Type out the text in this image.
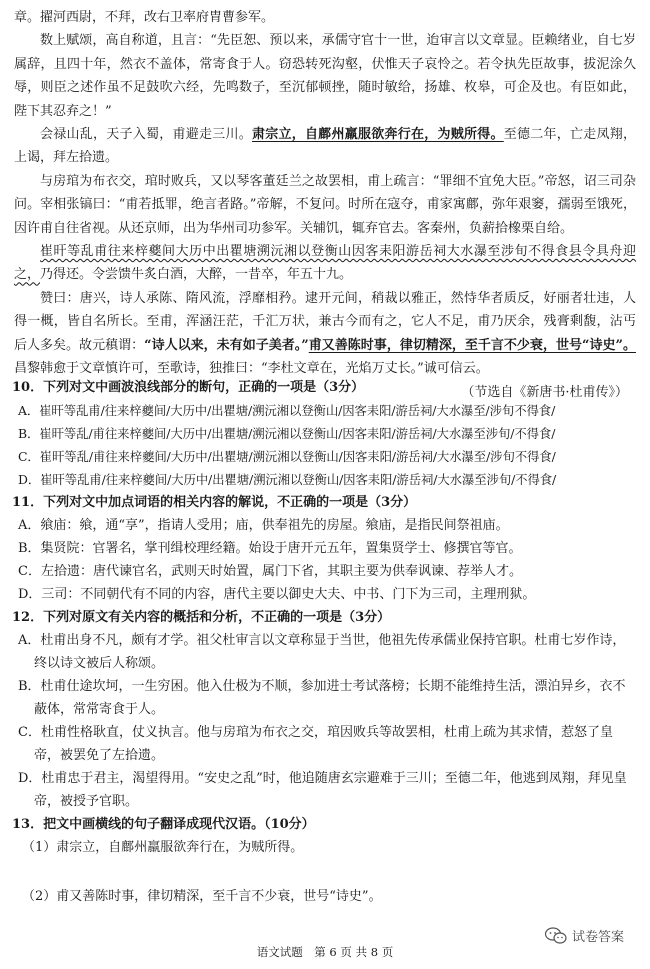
章。擢河西尉，不拜，改右卫率府胄曹参军。

数上赋颂，高自称道，且言：“先臣恕、预以来，承儒守官十一世，迨审言以文章显。臣赖绪业，自七岁属辞，且四十年，然衣不盖体，常寄食于人。窃恐转死沟壑，伏惟天子哀怜之。若令执先臣故事，拔泥涂久辱，则臣之述作虽不足鼓吹六经，先鸣数子，至沉郁顿挫，随时敏给，扬雄、枚皋，可企及也。有臣如此，陛下其忍弃之！”

会禄山乱，天子入蜀，甫避走三川。肃宗立，自鄜州羸服欲奔行在，为贼所得。至德二年，亡走凤翔，上谒，拜左拾遗。

与房琯为布衣交，琯时败兵，又以琴客董廷兰之故罢相，甫上疏言：“罪细不宜免大臣。”帝怒，诏三司杂问。宰相张镐曰：“甫若抵罪，绝言者路。”帝解，不复问。时所在寇夺，甫家寓鄜，弥年艰窭，孺弱至饿死，因许甫自往省视。从还京师，出为华州司功参军。关辅饥，辄弃官去。客秦州，负薪拾橡栗自给。

崔旰等乱甫往来梓夔间大历中出瞿塘溯沅湘以登衡山因客耒阳游岳祠大水瀑至涉旬不得食县令具舟迎之，乃得还。令尝馈牛炙白酒，大醉，一昔卒，年五十九。

赞曰：唐兴，诗人承陈、隋风流，浮靡相矜。逮开元间，稍裁以雅正，然恃华者质反，好丽者壮违，人得一概，皆自名所长。至甫，浑涵汪茫，千汇万状，兼古今而有之，它人不足，甫乃厌余，残膏剩馥，沾丐后人多矣。故元稹谓：“诗人以来，未有如子美者。”甫又善陈时事，律切精深，至千言不少衰，世号“诗史”。昌黎韩愈于文章慎许可，至歌诗，独推曰：“李杜文章在，光焰万丈长。”诚可信云。

（节选自《新唐书·杜甫传》）

10．下列对文中画波浪线部分的断句，正确的一项是（3分）

A．崔旰等乱甫/往来梓夔间/大历中/出瞿塘/溯沅湘以登衡山/因客耒阳/游岳祠/大水瀑至/涉旬不得食/

B．崔旰等乱/甫往来梓夔间/大历中/出瞿塘/溯沅湘以登衡山/因客耒阳/游岳祠/大水瀑至涉旬/不得食/

C．崔旰等乱/甫往来梓夔间/大历中/出瞿塘/溯沅湘以登衡山/因客耒阳/游岳祠/大水瀑至/涉旬不得食/

D．崔旰等乱甫/往来梓夔间/大历中/出瞿塘/溯沅湘以登衡山/因客耒阳/游岳祠/大水瀑至涉旬/不得食/

11．下列对文中加点词语的相关内容的解说，不正确的一项是（3分）

A．飨庙：飨，通“享”，指请人受用；庙，供奉祖先的房屋。飨庙，是指民间祭祖庙。

B．集贤院：官署名，掌刊缉校理经籍。始设于唐开元五年，置集贤学士、修撰官等官。

C．左拾遗：唐代谏官名，武则天时始置，属门下省，其职主要为供奉讽谏、荐举人才。

D．三司：不同朝代有不同的内容，唐代主要以御史大夫、中书、门下为三司，主理刑狱。

12．下列对原文有关内容的概括和分析，不正确的一项是（3分）

A．杜甫出身不凡，颇有才学。祖父杜审言以文章称显于当世，他祖先传承儒业保持官职。杜甫七岁作诗，终以诗文被后人称颂。

B．杜甫仕途坎坷，一生穷困。他入仕极为不顺，参加进士考试落榜；长期不能维持生活，漂泊异乡，衣不蔽体，常常寄食于人。

C．杜甫性格耿直，仗义执言。他与房琯为布衣之交，琯因败兵等故罢相，杜甫上疏为其求情，惹怒了皇帝，被罢免了左拾遗。

D．杜甫忠于君主，渴望得用。“安史之乱”时，他追随唐玄宗避难于三川；至德二年，他逃到凤翔，拜见皇帝，被授予官职。

13．把文中画横线的句子翻译成现代汉语。（10分）

（1）肃宗立，自鄜州羸服欲奔行在，为贼所得。

（2）甫又善陈时事，律切精深，至千言不少衰，世号“诗史”。

试卷答案
语文试题　第 6 页 共 8 页
